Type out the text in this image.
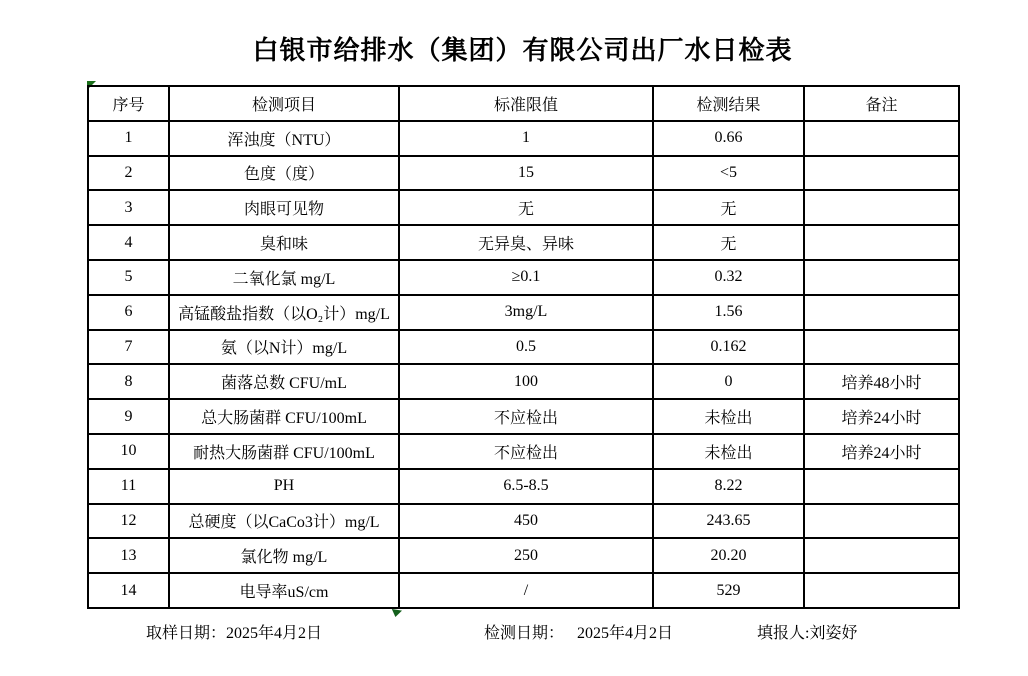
白银市给排水（集团）有限公司出厂水日检表
序号	检测项目	标准限值	检测结果	备注
1	浑浊度（NTU）	1	0.66	
2	色度（度）	15	<5	
3	肉眼可见物	无	无	
4	臭和味	无异臭、异味	无	
5	二氧化氯 mg/L	≥0.1	0.32	
6	高锰酸盐指数（以O₂计）mg/L	3mg/L	1.56	
7	氨（以N计）mg/L	0.5	0.162	
8	菌落总数 CFU/mL	100	0	培养48小时
9	总大肠菌群 CFU/100mL	不应检出	未检出	培养24小时
10	耐热大肠菌群 CFU/100mL	不应检出	未检出	培养24小时
11	PH	6.5-8.5	8.22	
12	总硬度（以CaCo3计）mg/L	450	243.65	
13	氯化物 mg/L	250	20.20	
14	电导率uS/cm	/	529	
取样日期：2025年4月2日	检测日期： 2025年4月2日	填报人:刘姿妤
